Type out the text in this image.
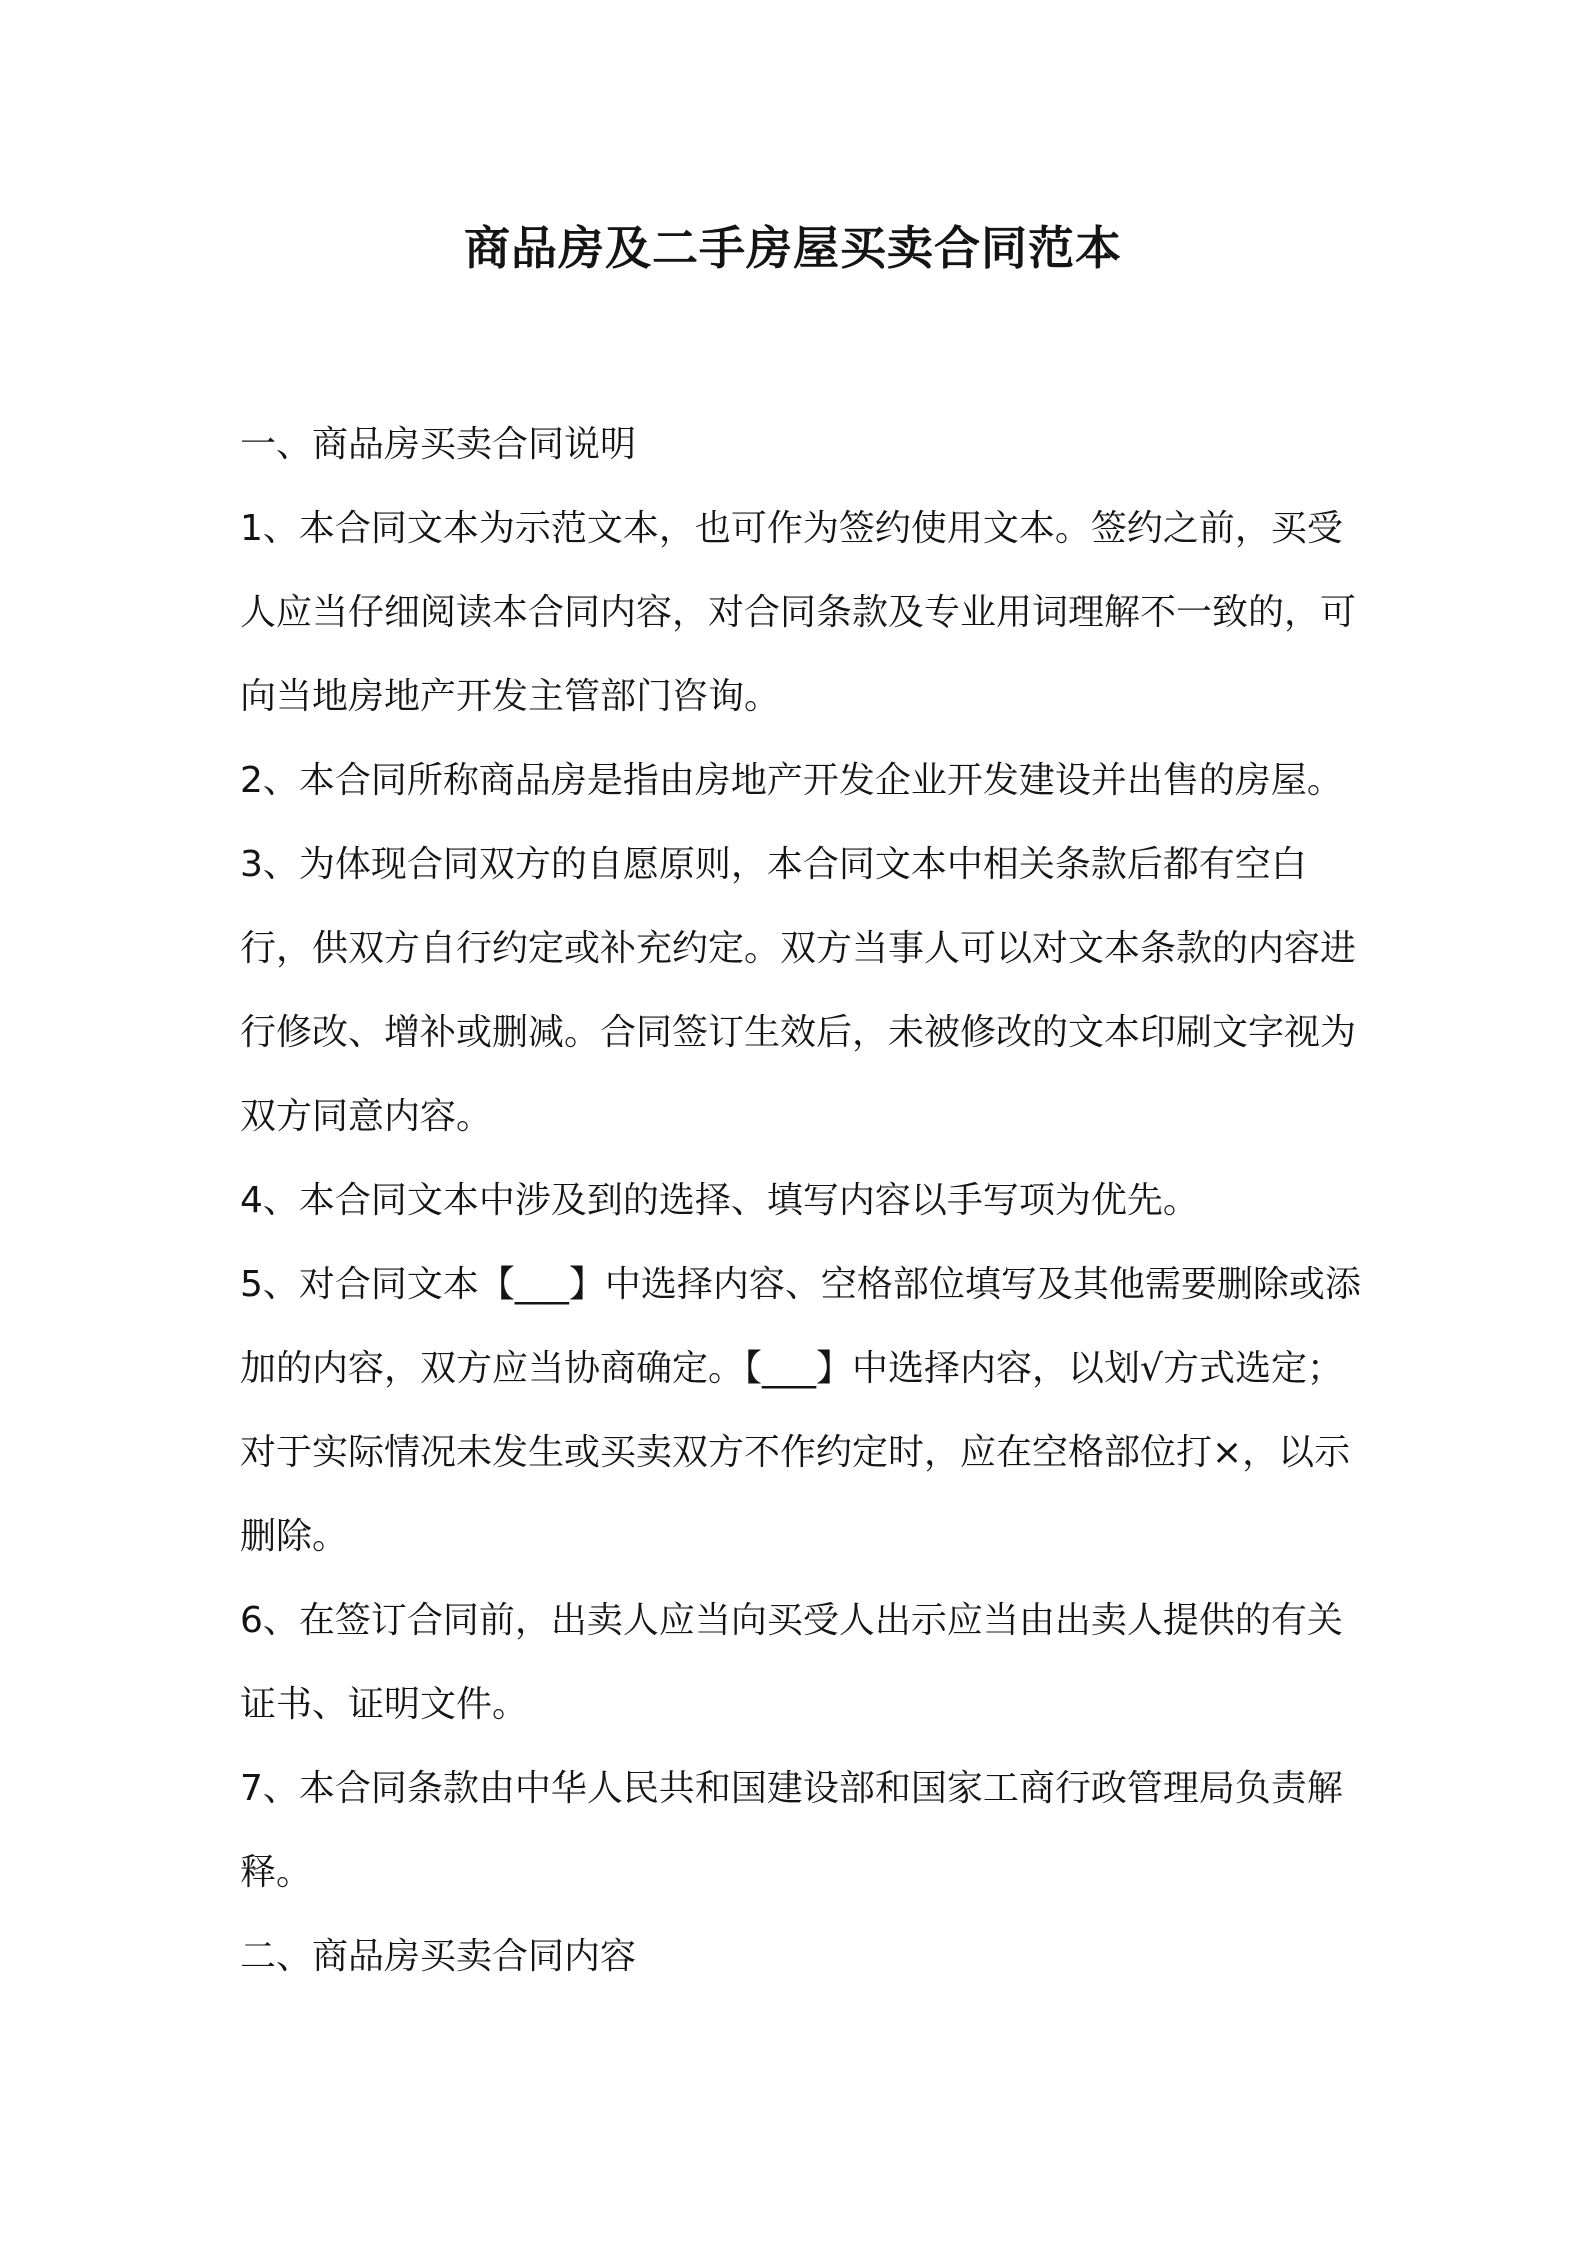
商品房及二手房屋买卖合同范本

一、商品房买卖合同说明

1、本合同文本为示范文本，也可作为签约使用文本。签约之前，买受人应当仔细阅读本合同内容，对合同条款及专业用词理解不一致的，可向当地房地产开发主管部门咨询。

2、本合同所称商品房是指由房地产开发企业开发建设并出售的房屋。

3、为体现合同双方的自愿原则，本合同文本中相关条款后都有空白行，供双方自行约定或补充约定。双方当事人可以对文本条款的内容进行修改、增补或删减。合同签订生效后，未被修改的文本印刷文字视为双方同意内容。

4、本合同文本中涉及到的选择、填写内容以手写项为优先。

5、对合同文本【___】中选择内容、空格部位填写及其他需要删除或添加的内容，双方应当协商确定。【___】中选择内容，以划√方式选定；对于实际情况未发生或买卖双方不作约定时，应在空格部位打×，以示删除。

6、在签订合同前，出卖人应当向买受人出示应当由出卖人提供的有关证书、证明文件。

7、本合同条款由中华人民共和国建设部和国家工商行政管理局负责解释。

二、商品房买卖合同内容
